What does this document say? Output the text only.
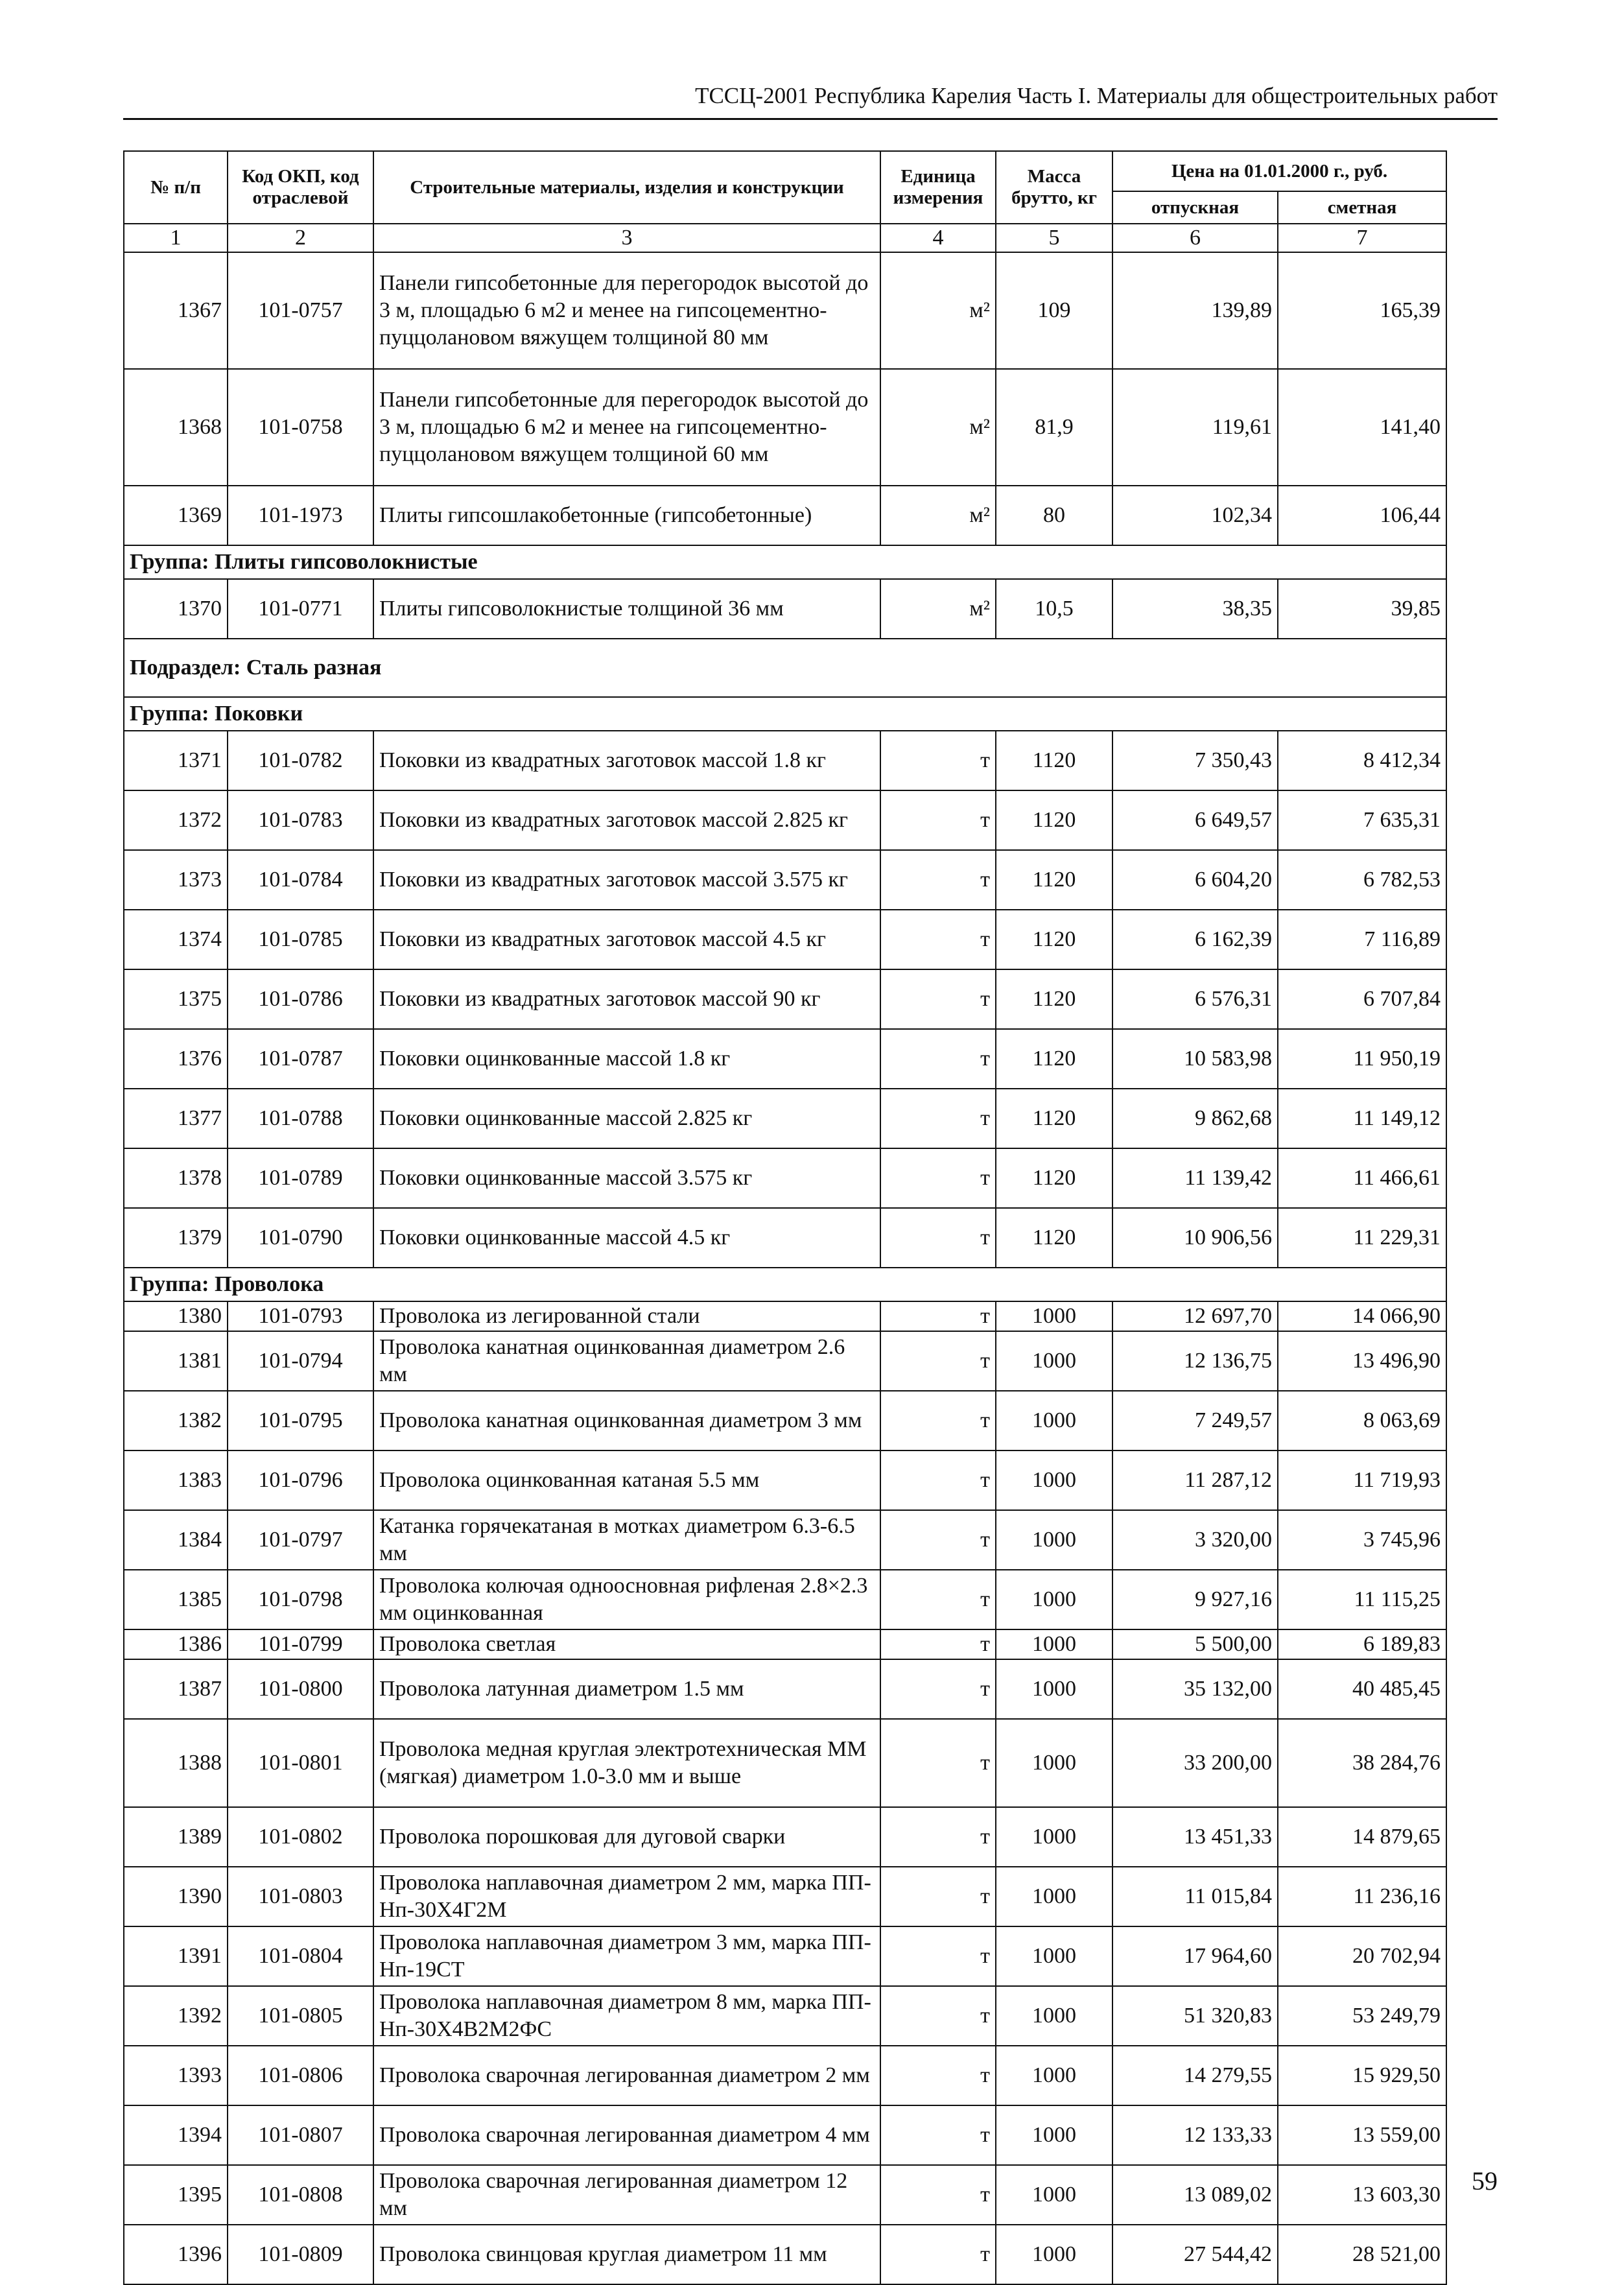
ТССЦ-2001 Республика Карелия Часть I. Материалы для общестроительных работ
№ п/п	Код ОКП, код отраслевой	Строительные материалы, изделия и конструкции	Единица измерения	Масса брутто, кг	Цена на 01.01.2000 г., руб.	
					отпускная	сметная
1	2	3	4	5	6	7
1367	101-0757	Панели гипсобетонные для перегородок высотой до 3 м, площадью 6 м2 и менее на гипсоцементно-пуццолановом вяжущем толщиной 80 мм	м²	109	139,89	165,39
1368	101-0758	Панели гипсобетонные для перегородок высотой до 3 м, площадью 6 м2 и менее на гипсоцементно-пуццолановом вяжущем толщиной 60 мм	м²	81,9	119,61	141,40
1369	101-1973	Плиты гипсошлакобетонные (гипсобетонные)	м²	80	102,34	106,44
Группа: Плиты гипсоволокнистые						
1370	101-0771	Плиты гипсоволокнистые толщиной 36 мм	м²	10,5	38,35	39,85
Подраздел: Сталь разная						
Группа: Поковки						
1371	101-0782	Поковки из квадратных заготовок массой 1.8 кг	т	1120	7 350,43	8 412,34
1372	101-0783	Поковки из квадратных заготовок массой 2.825 кг	т	1120	6 649,57	7 635,31
1373	101-0784	Поковки из квадратных заготовок массой 3.575 кг	т	1120	6 604,20	6 782,53
1374	101-0785	Поковки из квадратных заготовок массой 4.5 кг	т	1120	6 162,39	7 116,89
1375	101-0786	Поковки из квадратных заготовок массой 90 кг	т	1120	6 576,31	6 707,84
1376	101-0787	Поковки оцинкованные массой 1.8 кг	т	1120	10 583,98	11 950,19
1377	101-0788	Поковки оцинкованные массой 2.825 кг	т	1120	9 862,68	11 149,12
1378	101-0789	Поковки оцинкованные массой 3.575 кг	т	1120	11 139,42	11 466,61
1379	101-0790	Поковки оцинкованные массой 4.5 кг	т	1120	10 906,56	11 229,31
Группа: Проволока						
1380	101-0793	Проволока из легированной стали	т	1000	12 697,70	14 066,90
1381	101-0794	Проволока канатная оцинкованная диаметром 2.6 мм	т	1000	12 136,75	13 496,90
1382	101-0795	Проволока канатная оцинкованная диаметром 3 мм	т	1000	7 249,57	8 063,69
1383	101-0796	Проволока оцинкованная катаная 5.5 мм	т	1000	11 287,12	11 719,93
1384	101-0797	Катанка горячекатаная в мотках диаметром 6.3-6.5 мм	т	1000	3 320,00	3 745,96
1385	101-0798	Проволока колючая одноосновная рифленая 2.8×2.3 мм оцинкованная	т	1000	9 927,16	11 115,25
1386	101-0799	Проволока светлая	т	1000	5 500,00	6 189,83
1387	101-0800	Проволока латунная диаметром 1.5 мм	т	1000	35 132,00	40 485,45
1388	101-0801	Проволока медная круглая электротехническая ММ (мягкая) диаметром 1.0-3.0 мм и выше	т	1000	33 200,00	38 284,76
1389	101-0802	Проволока порошковая для дуговой сварки	т	1000	13 451,33	14 879,65
1390	101-0803	Проволока наплавочная диаметром 2 мм, марка ПП-Нп-30Х4Г2М	т	1000	11 015,84	11 236,16
1391	101-0804	Проволока наплавочная диаметром 3 мм, марка ПП-Нп-19СТ	т	1000	17 964,60	20 702,94
1392	101-0805	Проволока наплавочная диаметром 8 мм, марка ПП-Нп-30Х4В2М2ФС	т	1000	51 320,83	53 249,79
1393	101-0806	Проволока сварочная легированная диаметром 2 мм	т	1000	14 279,55	15 929,50
1394	101-0807	Проволока сварочная легированная диаметром 4 мм	т	1000	12 133,33	13 559,00
1395	101-0808	Проволока сварочная легированная диаметром 12 мм	т	1000	13 089,02	13 603,30
1396	101-0809	Проволока свинцовая круглая диаметром 11 мм	т	1000	27 544,42	28 521,00
59
